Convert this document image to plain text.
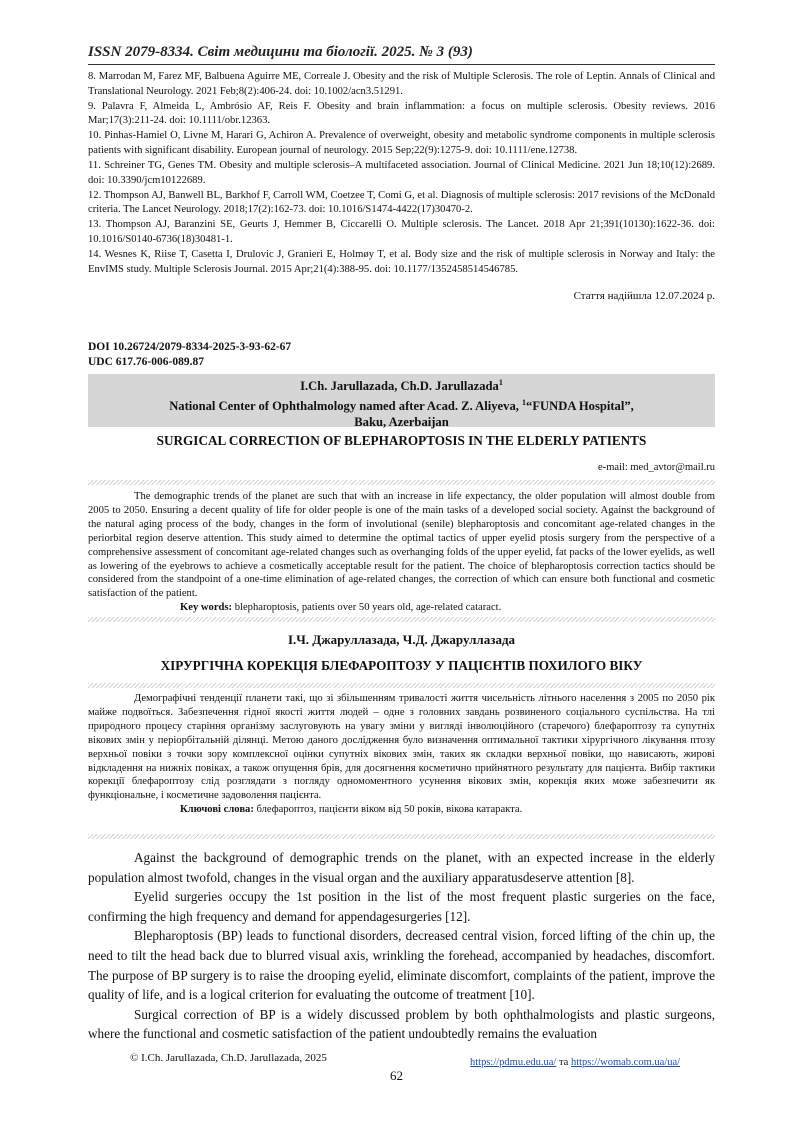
ISSN 2079-8334. Світ медицини та біології. 2025. № 3 (93)

8. Marrodan M, Farez MF, Balbuena Aguirre ME, Correale J. Obesity and the risk of Multiple Sclerosis. The role of Leptin. Annals of Clinical and Translational Neurology. 2021 Feb;8(2):406-24. doi: 10.1002/acn3.51291.

9. Palavra F, Almeida L, Ambrósio AF, Reis F. Obesity and brain inflammation: a focus on multiple sclerosis. Obesity reviews. 2016 Mar;17(3):211-24. doi: 10.1111/obr.12363.

10. Pinhas-Hamiel O, Livne M, Harari G, Achiron A. Prevalence of overweight, obesity and metabolic syndrome components in multiple sclerosis patients with significant disability. European journal of neurology. 2015 Sep;22(9):1275-9. doi: 10.1111/ene.12738.

11. Schreiner TG, Genes TM. Obesity and multiple sclerosis–A multifaceted association. Journal of Clinical Medicine. 2021 Jun 18;10(12):2689. doi: 10.3390/jcm10122689.

12. Thompson AJ, Banwell BL, Barkhof F, Carroll WM, Coetzee T, Comi G, et al. Diagnosis of multiple sclerosis: 2017 revisions of the McDonald criteria. The Lancet Neurology. 2018;17(2):162-73. doi: 10.1016/S1474-4422(17)30470-2.

13. Thompson AJ, Baranzini SE, Geurts J, Hemmer B, Ciccarelli O. Multiple sclerosis. The Lancet. 2018 Apr 21;391(10130):1622-36. doi: 10.1016/S0140-6736(18)30481-1.

14. Wesnes K, Riise T, Casetta I, Drulovic J, Granieri E, Holmøy T, et al. Body size and the risk of multiple sclerosis in Norway and Italy: the EnvIMS study. Multiple Sclerosis Journal. 2015 Apr;21(4):388-95. doi: 10.1177/1352458514546785.

Стаття надійшла 12.07.2024 р.
DOI 10.26724/2079-8334-2025-3-93-62-67
UDC 617.76-006-089.87
I.Ch. Jarullazada, Ch.D. Jarullazada$^1$
National Center of Ophthalmology named after Acad. Z. Aliyeva, $^1$“FUNDA Hospital”,
Baku, Azerbaijan
SURGICAL CORRECTION OF BLEPHAROPTOSIS IN THE ELDERLY PATIENTS
e-mail: med_avtor@mail.ru

The demographic trends of the planet are such that with an increase in life expectancy, the older population will almost double from 2005 to 2050. Ensuring a decent quality of life for older people is one of the main tasks of a developed social society. Against the background of the natural aging process of the body, changes in the form of involutional (senile) blepharoptosis and concomitant age-related changes in the periorbital region deserve attention. This study aimed to determine the optimal tactics of upper eyelid ptosis surgery from the perspective of a comprehensive assessment of concomitant age-related changes such as overhanging folds of the upper eyelid, fat packs of the lower eyelids, as well as lowering of the eyebrows to achieve a cosmetically acceptable result for the patient. The choice of blepharoptosis correction tactics should be considered from the standpoint of a one-time elimination of age-related changes, the correction of which can ensure both functional and cosmetic satisfaction of the patient.

Key words: blepharoptosis, patients over 50 years old, age-related cataract.

І.Ч. Джаруллазада, Ч.Д. Джаруллазада
ХІРУРГІЧНА КОРЕКЦІЯ БЛЕФАРОПТОЗУ У ПАЦІЄНТІВ ПОХИЛОГО ВІКУ

Демографічні тенденції планети такі, що зі збільшенням тривалості життя чисельність літнього населення з 2005 по 2050 рік майже подвоїться. Забезпечення гідної якості життя людей – одне з головних завдань розвиненого соціального суспільства. На тлі природного процесу старіння організму заслуговують на увагу зміни у вигляді інволюційного (старечого) блефароптозу та супутніх вікових змін у періорбітальній ділянці. Метою даного дослідження було визначення оптимальної тактики хірургічного лікування птозу верхньої повіки з точки зору комплексної оцінки супутніх вікових змін, таких як складки верхньої повіки, що нависають, жирові відкладення на нижніх повіках, а також опущення брів, для досягнення косметично прийнятного результату для пацієнта. Вибір тактики корекції блефароптозу слід розглядати з погляду одномоментного усунення вікових змін, корекція яких може забезпечити як функціональне, і косметичне задоволення пацієнта.

Ключові слова: блефароптоз, пацієнти віком від 50 років, вікова катаракта.

Against the background of demographic trends on the planet, with an expected increase in the elderly population almost twofold, changes in the visual organ and the auxiliary apparatusdeserve attention [8].

Eyelid surgeries occupy the 1st position in the list of the most frequent plastic surgeries on the face, confirming the high frequency and demand for appendagesurgeries [12].

Blepharoptosis (BP) leads to functional disorders, decreased central vision, forced lifting of the chin up, the need to tilt the head back due to blurred visual axis, wrinkling the forehead, accompanied by headaches, discomfort. The purpose of BP surgery is to raise the drooping eyelid, eliminate discomfort, complaints of the patient, improve the quality of life, and is a logical criterion for evaluating the outcome of treatment [10].

Surgical correction of BP is a widely discussed problem by both ophthalmologists and plastic surgeons, where the functional and cosmetic satisfaction of the patient undoubtedly remains the evaluation

© I.Ch. Jarullazada, Ch.D. Jarullazada, 2025	https://pdmu.edu.ua/ та https://womab.com.ua/ua/
62
